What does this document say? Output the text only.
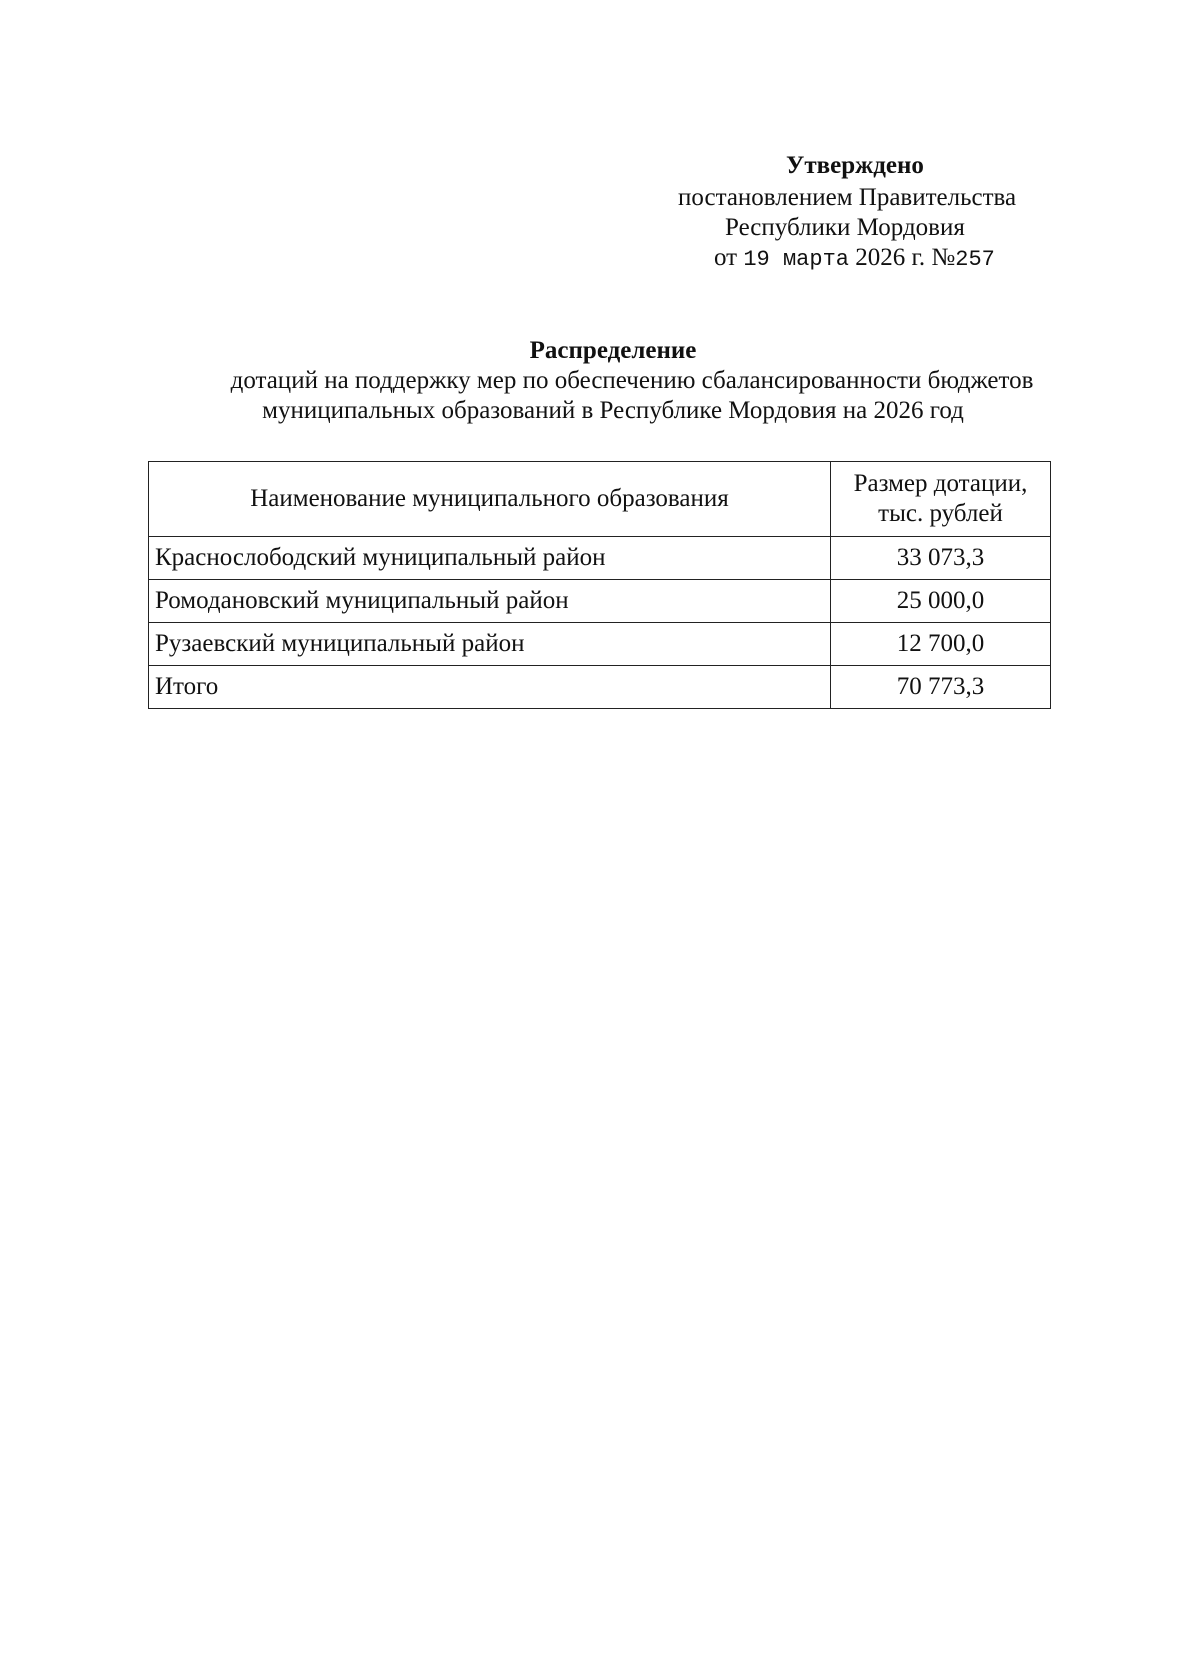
Утверждено
постановлением Правительства
Республики Мордовия
от 19 марта 2026 г. №257
Распределение
дотаций на поддержку мер по обеспечению сбалансированности бюджетов
муниципальных образований в Республике Мордовия на 2026 год
Наименование муниципального образования	Размер дотации,
тыс. рублей
Краснослободский муниципальный район	33 073,3
Ромодановский муниципальный район	25 000,0
Рузаевский муниципальный район	12 700,0
Итого	70 773,3
